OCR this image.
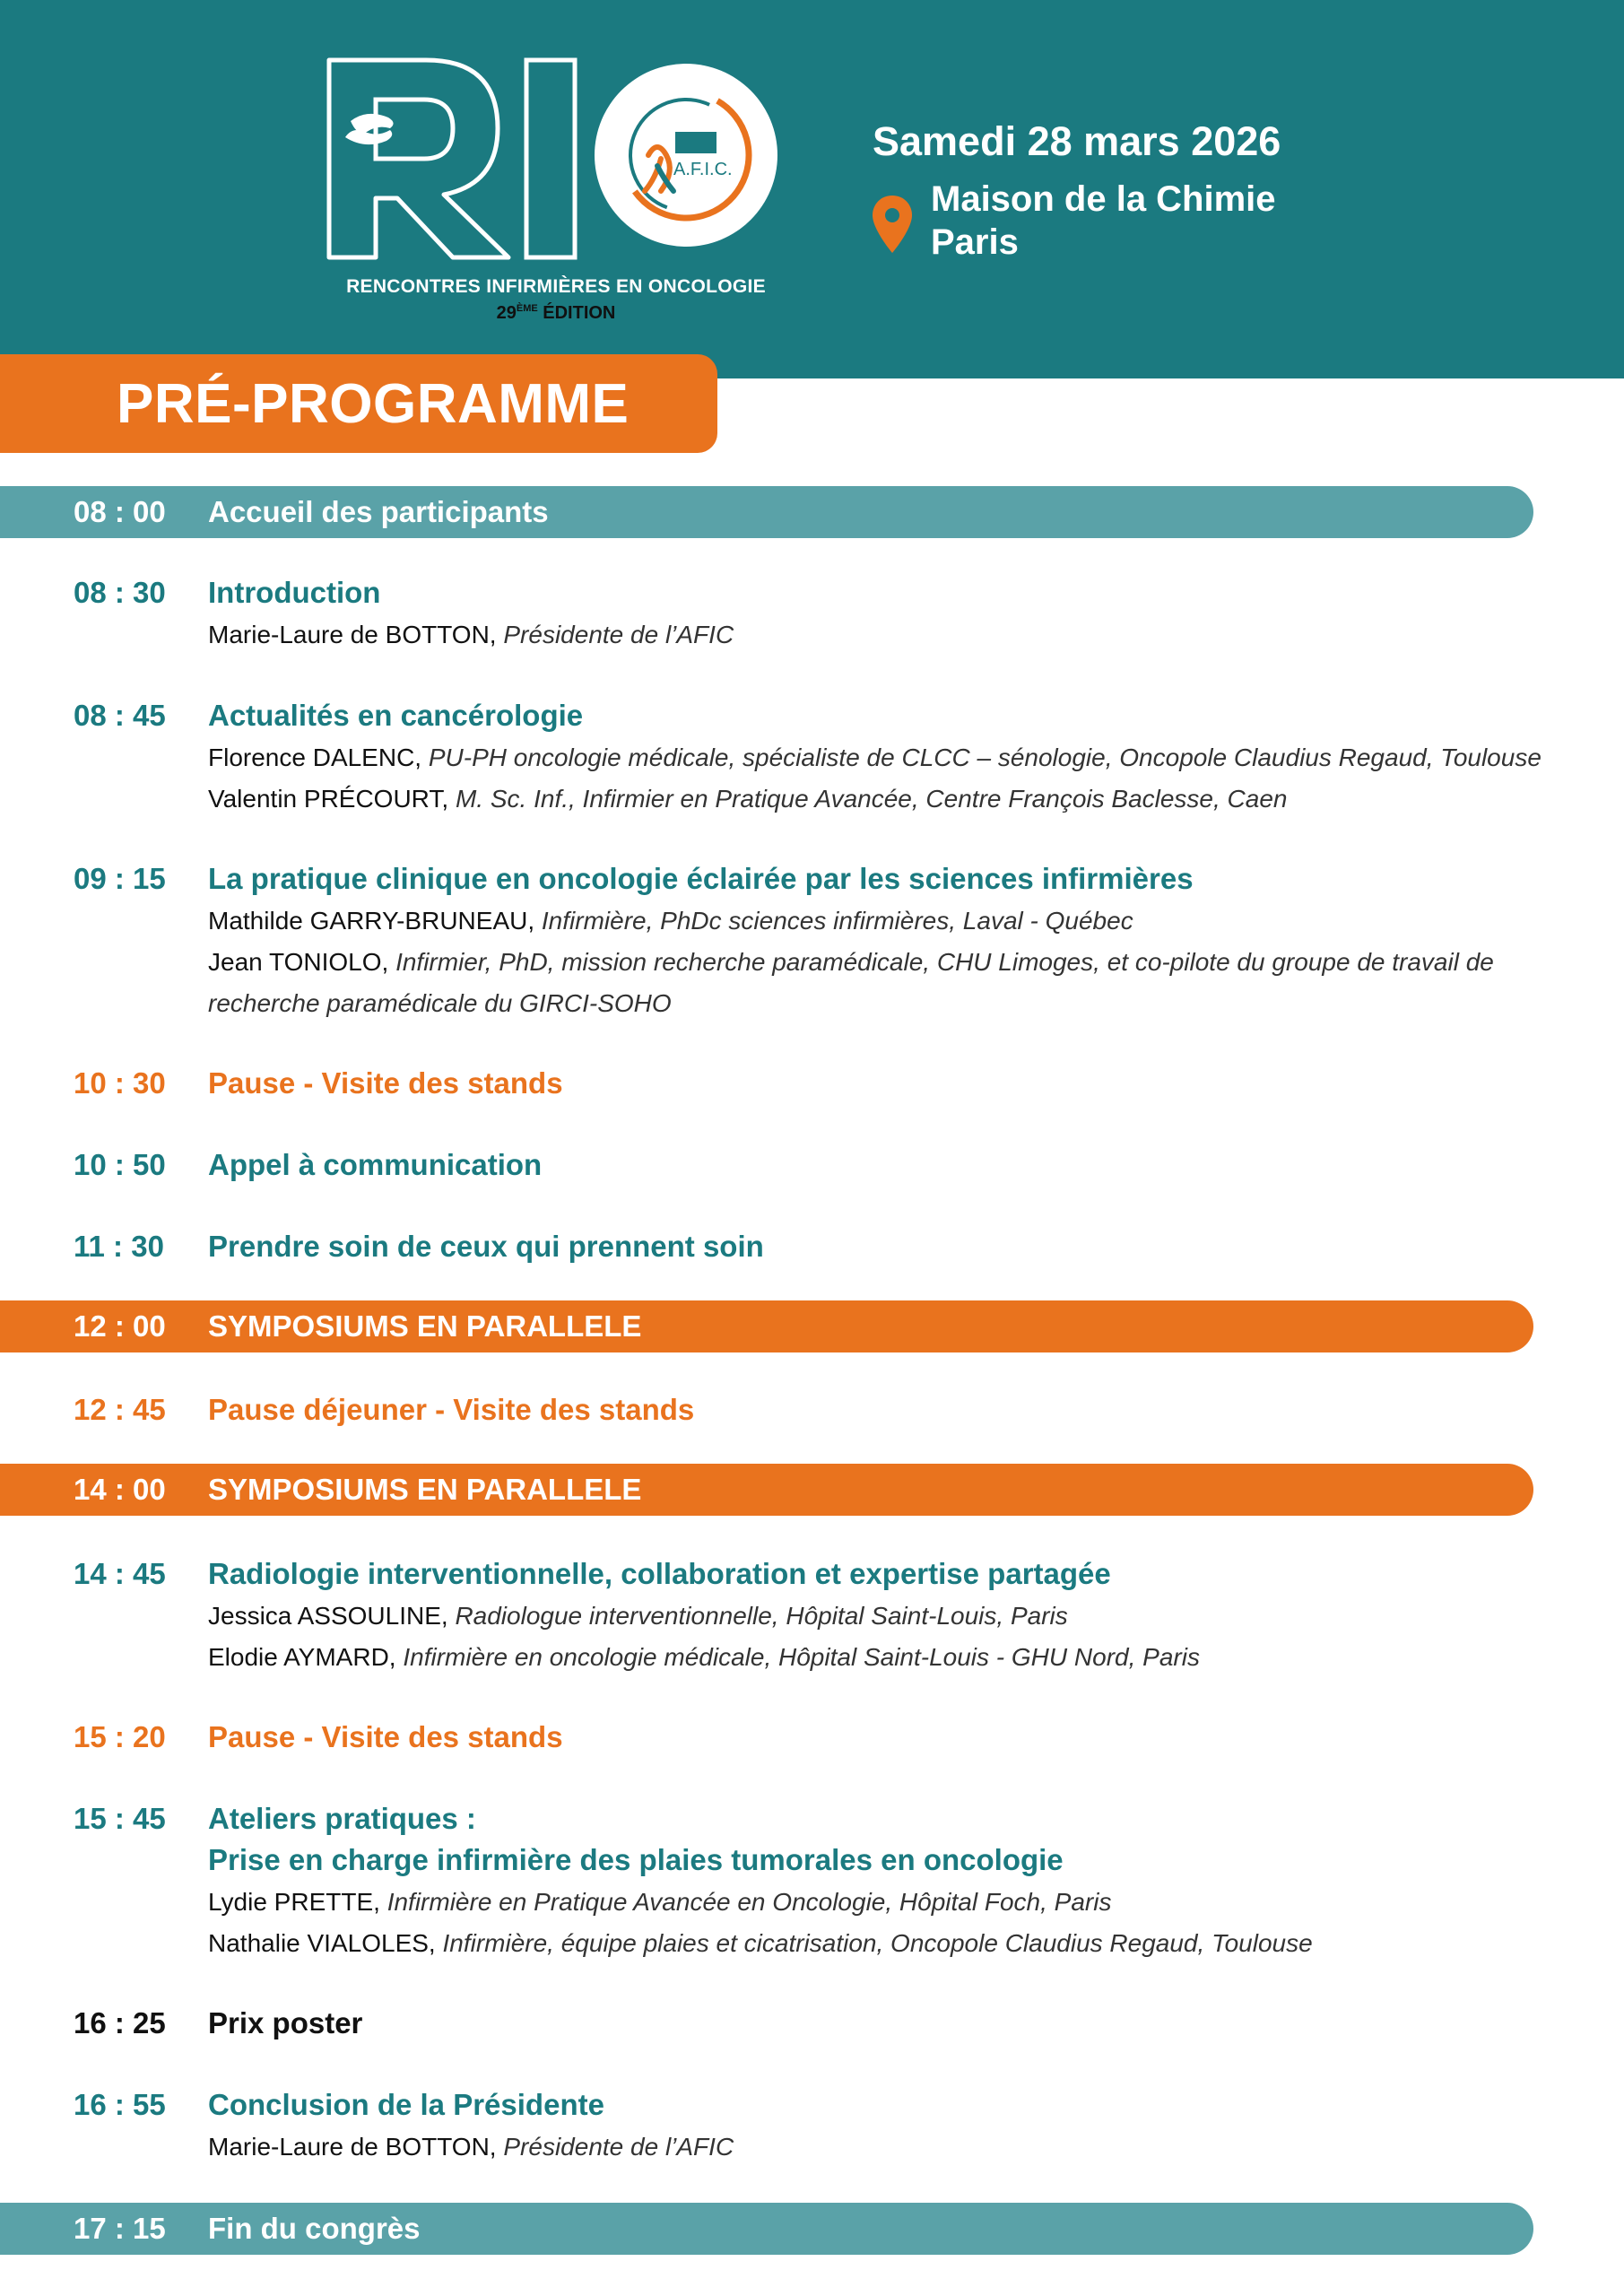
A.F.I.C.
RENCONTRES INFIRMIÈRES EN ONCOLOGIE
29ÈME ÉDITION
Samedi 28 mars 2026
Maison de la Chimie
Paris
PRÉ-PROGRAMME
08 : 00 Accueil des participants
08 : 30 Introduction
Marie-Laure de BOTTON, Présidente de l’AFIC
08 : 45 Actualités en cancérologie
Florence DALENC, PU-PH oncologie médicale, spécialiste de CLCC – sénologie, Oncopole Claudius Regaud, Toulouse
Valentin PRÉCOURT, M. Sc. Inf., Infirmier en Pratique Avancée, Centre François Baclesse, Caen
09 : 15 La pratique clinique en oncologie éclairée par les sciences infirmières
Mathilde GARRY-BRUNEAU, Infirmière, PhDc sciences infirmières, Laval - Québec
Jean TONIOLO, Infirmier, PhD, mission recherche paramédicale, CHU Limoges, et co-pilote du groupe de travail de
recherche paramédicale du GIRCI-SOHO
10 : 30 Pause - Visite des stands
10 : 50 Appel à communication
11 : 30 Prendre soin de ceux qui prennent soin
12 : 00 SYMPOSIUMS EN PARALLELE
12 : 45 Pause déjeuner - Visite des stands
14 : 00 SYMPOSIUMS EN PARALLELE
14 : 45 Radiologie interventionnelle, collaboration et expertise partagée
Jessica ASSOULINE, Radiologue interventionnelle, Hôpital Saint-Louis, Paris
Elodie AYMARD, Infirmière en oncologie médicale, Hôpital Saint-Louis - GHU Nord, Paris
15 : 20 Pause - Visite des stands
15 : 45 Ateliers pratiques :
Prise en charge infirmière des plaies tumorales en oncologie
Lydie PRETTE, Infirmière en Pratique Avancée en Oncologie, Hôpital Foch, Paris
Nathalie VIALOLES, Infirmière, équipe plaies et cicatrisation, Oncopole Claudius Regaud, Toulouse
16 : 25 Prix poster
16 : 55 Conclusion de la Présidente
Marie-Laure de BOTTON, Présidente de l’AFIC
17 : 15 Fin du congrès
